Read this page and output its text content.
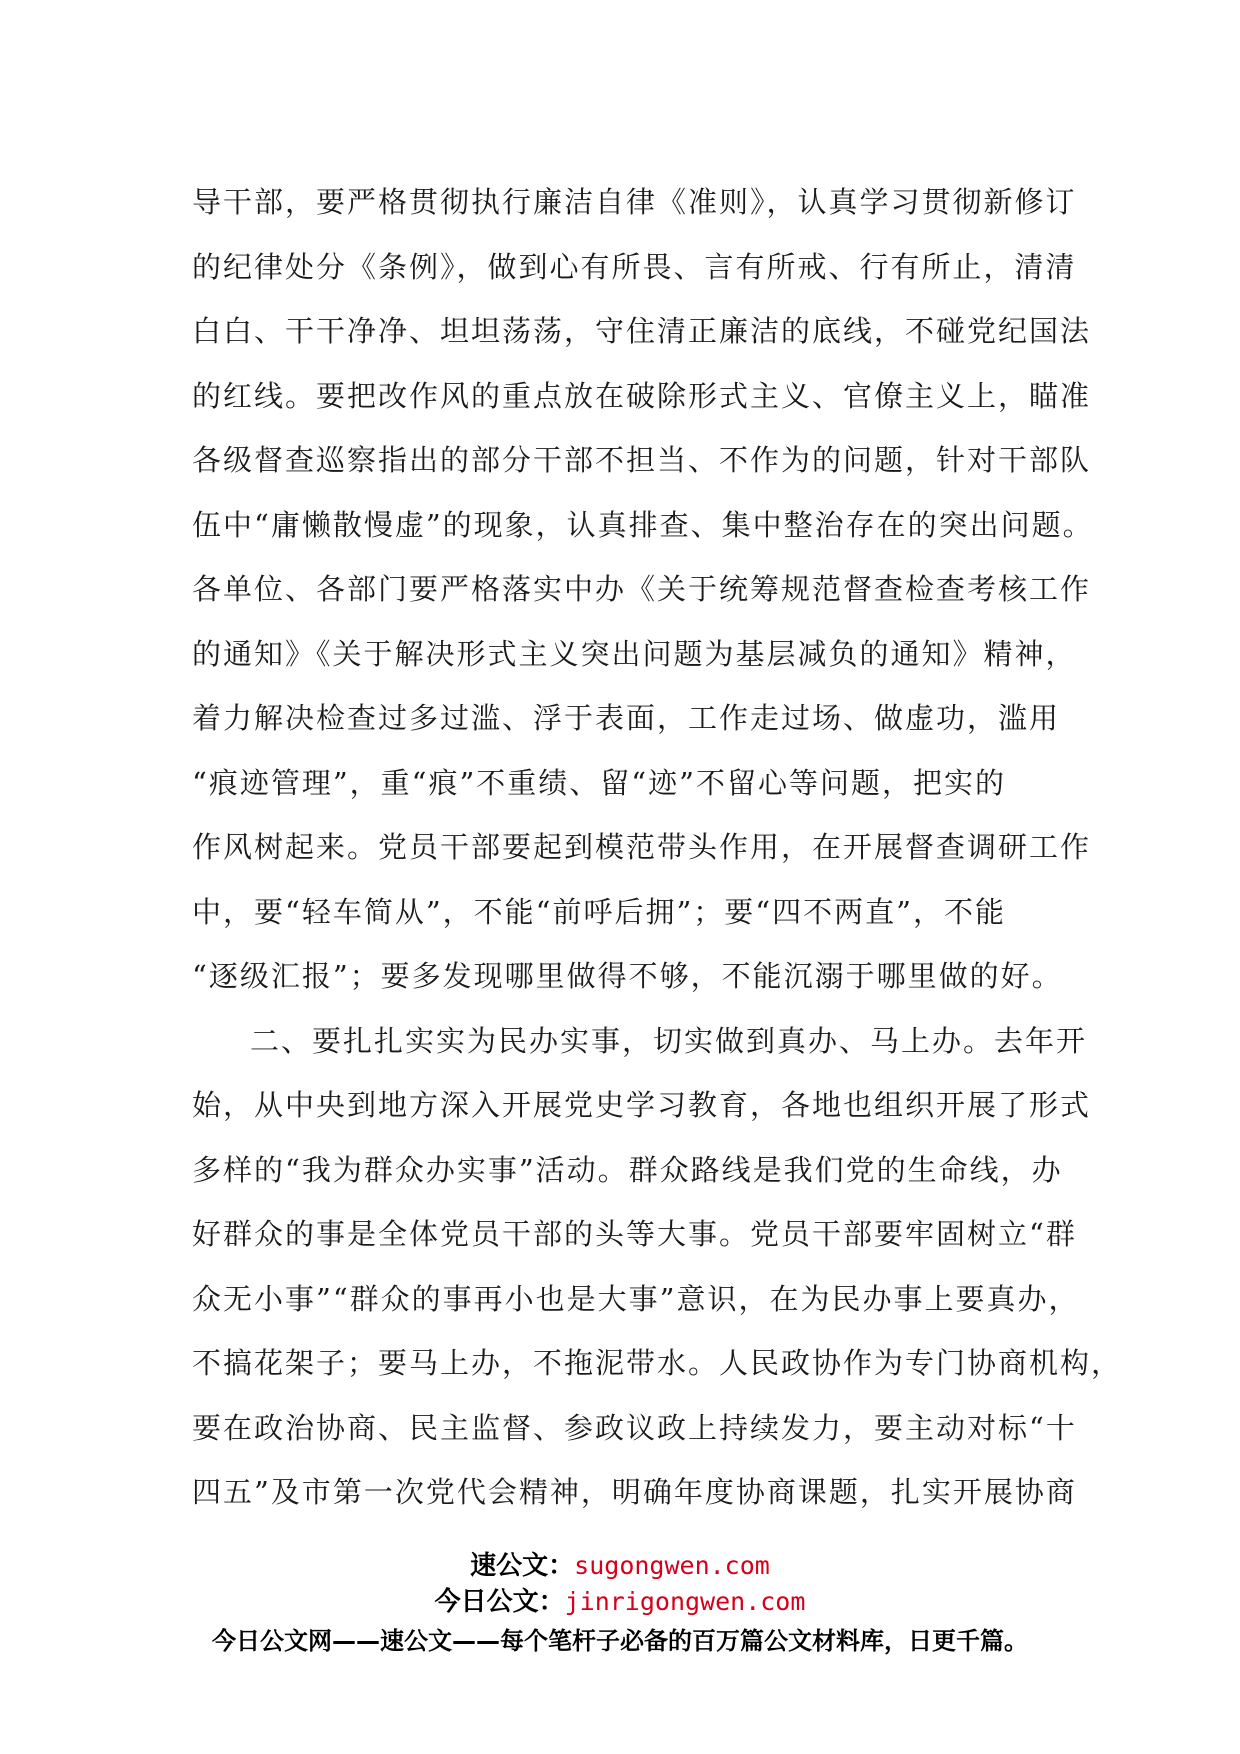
导干部，要严格贯彻执行廉洁自律《准则》，认真学习贯彻新修订
的纪律处分《条例》，做到心有所畏、言有所戒、行有所止，清清
白白、干干净净、坦坦荡荡，守住清正廉洁的底线，不碰党纪国法
的红线。要把改作风的重点放在破除形式主义、官僚主义上，瞄准
各级督查巡察指出的部分干部不担当、不作为的问题，针对干部队
伍中“庸懒散慢虚”的现象，认真排查、集中整治存在的突出问题。
各单位、各部门要严格落实中办《关于统筹规范督查检查考核工作
的通知》《关于解决形式主义突出问题为基层减负的通知》精神，
着力解决检查过多过滥、浮于表面，工作走过场、做虚功，滥用
“痕迹管理”，重“痕”不重绩、留“迹”不留心等问题，把实的
作风树起来。党员干部要起到模范带头作用，在开展督查调研工作
中，要“轻车简从”，不能“前呼后拥”；要“四不两直”，不能
“逐级汇报”；要多发现哪里做得不够，不能沉溺于哪里做的好。
二、要扎扎实实为民办实事，切实做到真办、马上办。去年开
始，从中央到地方深入开展党史学习教育，各地也组织开展了形式
多样的“我为群众办实事”活动。群众路线是我们党的生命线，办
好群众的事是全体党员干部的头等大事。党员干部要牢固树立“群
众无小事”“群众的事再小也是大事”意识，在为民办事上要真办，
不搞花架子；要马上办，不拖泥带水。人民政协作为专门协商机构，
要在政治协商、民主监督、参政议政上持续发力，要主动对标“十
四五”及市第一次党代会精神，明确年度协商课题，扎实开展协商
速公文：sugongwen.com
今日公文：jinrigongwen.com
今日公文网——速公文——每个笔杆子必备的百万篇公文材料库，日更千篇。
